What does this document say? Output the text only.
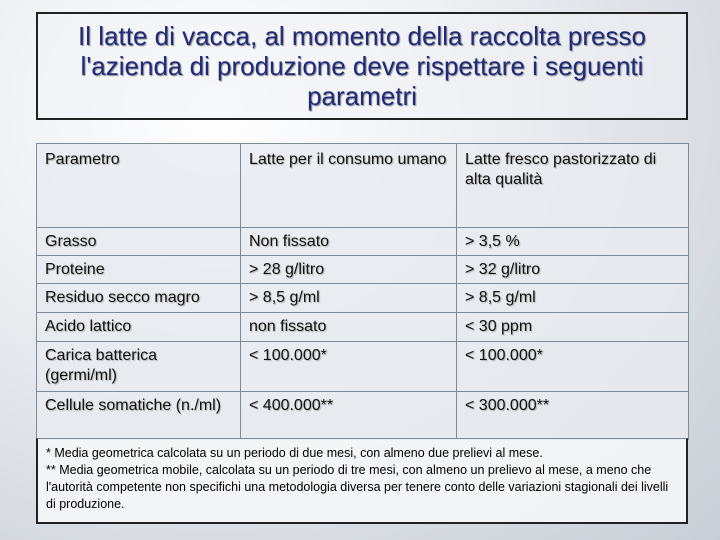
Il latte di vacca, al momento della raccolta presso l'azienda di produzione deve rispettare i seguenti parametri
Parametro	Latte per il consumo umano	Latte fresco pastorizzato di alta qualità
Grasso	Non fissato	> 3,5 %
Proteine	> 28 g/litro	> 32 g/litro
Residuo secco magro	> 8,5 g/ml	> 8,5 g/ml
Acido lattico	non fissato	< 30 ppm
Carica batterica (germi/ml)	< 100.000*	< 100.000*
Cellule somatiche (n./ml)	< 400.000**	< 300.000**

* Media geometrica calcolata su un periodo di due mesi, con almeno due prelievi al mese.

** Media geometrica mobile, calcolata su un periodo di tre mesi, con almeno un prelievo al mese, a meno che l'autorità competente non specifichi una metodologia diversa per tenere conto delle variazioni stagionali dei livelli di produzione.
